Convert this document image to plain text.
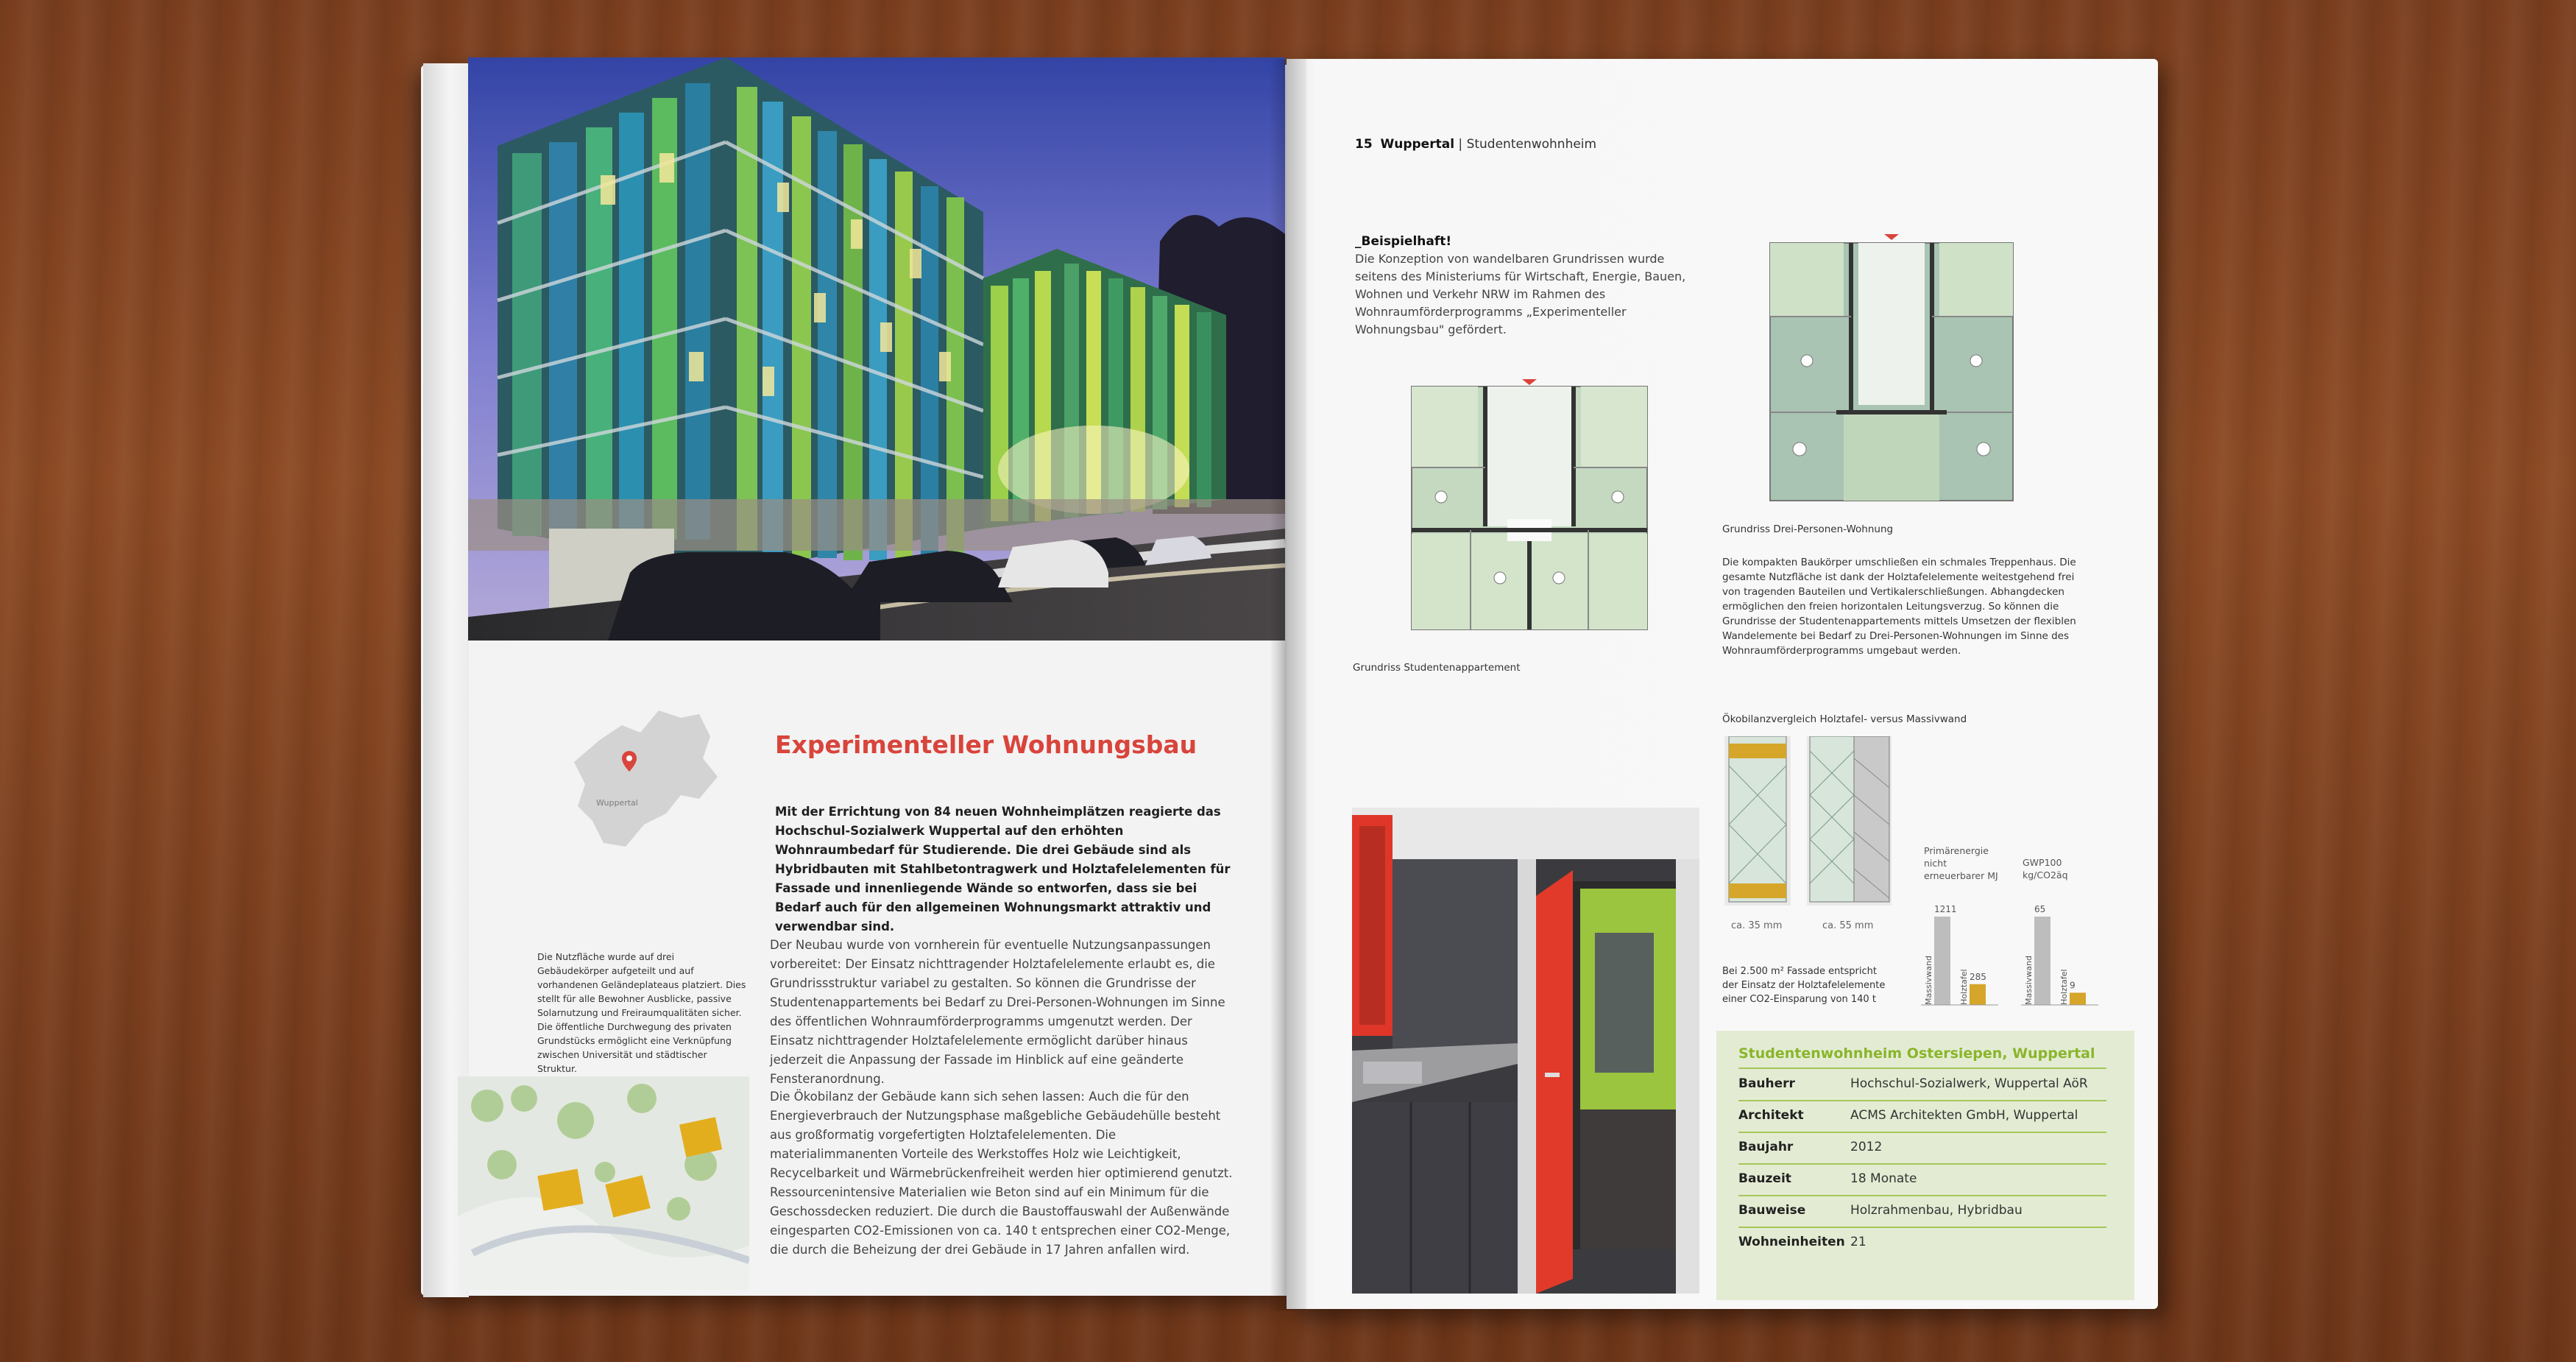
Wuppertal
Experimenteller Wohnungsbau
Mit der Errichtung von 84 neuen Wohnheimplätzen reagierte das Hochschul-Sozialwerk Wuppertal auf den erhöhten Wohnraumbedarf für Studierende. Die drei Gebäude sind als Hybridbauten mit Stahlbetontragwerk und Holztafelelementen für Fassade und innenliegende Wände so entworfen, dass sie bei Bedarf auch für den allgemeinen Wohnungsmarkt attraktiv und verwendbar sind.
Der Neubau wurde von vornherein für eventuelle Nutzungsanpassungen vorbereitet: Der Einsatz nichttragender Holztafelelemente erlaubt es, die Grundrissstruktur variabel zu gestalten. So können die Grundrisse der Studentenappartements bei Bedarf zu Drei-Personen-Wohnungen im Sinne des öffentlichen Wohnraumförderprogramms umgenutzt werden. Der Einsatz nichttragender Holztafelelemente ermöglicht darüber hinaus jederzeit die Anpassung der Fassade im Hinblick auf eine geänderte Fensteranordnung.
Die Ökobilanz der Gebäude kann sich sehen lassen: Auch die für den Energieverbrauch der Nutzungsphase maßgebliche Gebäudehülle besteht aus großformatig vorgefertigten Holztafelelementen. Die materialimmanenten Vorteile des Werkstoffes Holz wie Leichtigkeit, Recycelbarkeit und Wärmebrückenfreiheit werden hier optimierend genutzt. Ressourcenintensive Materialien wie Beton sind auf ein Minimum für die Geschossdecken reduziert. Die durch die Baustoffauswahl der Außenwände eingesparten CO2-Emissionen von ca. 140 t entsprechen einer CO2-Menge, die durch die Beheizung der drei Gebäude in 17 Jahren anfallen wird.
Die Nutzfläche wurde auf drei Gebäudekörper aufgeteilt und auf vorhandenen Geländeplateaus platziert. Dies stellt für alle Bewohner Ausblicke, passive Solarnutzung und Freiraumqualitäten sicher. Die öffentliche Durchwegung des privaten Grundstücks ermöglicht eine Verknüpfung zwischen Universität und städtischer Struktur.
15 Wuppertal | Studentenwohnheim
_Beispielhaft!
Die Konzeption von wandelbaren Grundrissen wurde seitens des Ministeriums für Wirtschaft, Energie, Bauen, Wohnen und Verkehr NRW im Rahmen des Wohnraumförderprogramms „Experimenteller Wohnungsbau" gefördert.
Grundriss Studentenappartement
Grundriss Drei-Personen-Wohnung
Die kompakten Baukörper umschließen ein schmales Treppenhaus. Die gesamte Nutzfläche ist dank der Holztafelelemente weitestgehend frei von tragenden Bauteilen und Vertikalerschließungen. Abhangdecken ermöglichen den freien horizontalen Leitungsverzug. So können die Grundrisse der Studentenappartements mittels Umsetzen der flexiblen Wandelemente bei Bedarf zu Drei-Personen-Wohnungen im Sinne des Wohnraumförderprogramms umgebaut werden.
Ökobilanzvergleich Holztafel- versus Massivwand
ca. 35 mm	ca. 55 mm
Bei 2.500 m² Fassade entspricht der Einsatz der Holztafelelemente einer CO2-Einsparung von 140 t
Primärenergie nicht erneuerbarer MJ
GWP100 kg/CO2äq
1211
Massivwand	285
Holztafel
65
Massivwand	9
Holztafel
Studentenwohnheim Ostersiepen, Wuppertal
Bauherr	Hochschul-Sozialwerk, Wuppertal AöR
Architekt	ACMS Architekten GmbH, Wuppertal
Baujahr	2012
Bauzeit	18 Monate
Bauweise	Holzrahmenbau, Hybridbau
Wohneinheiten 21
